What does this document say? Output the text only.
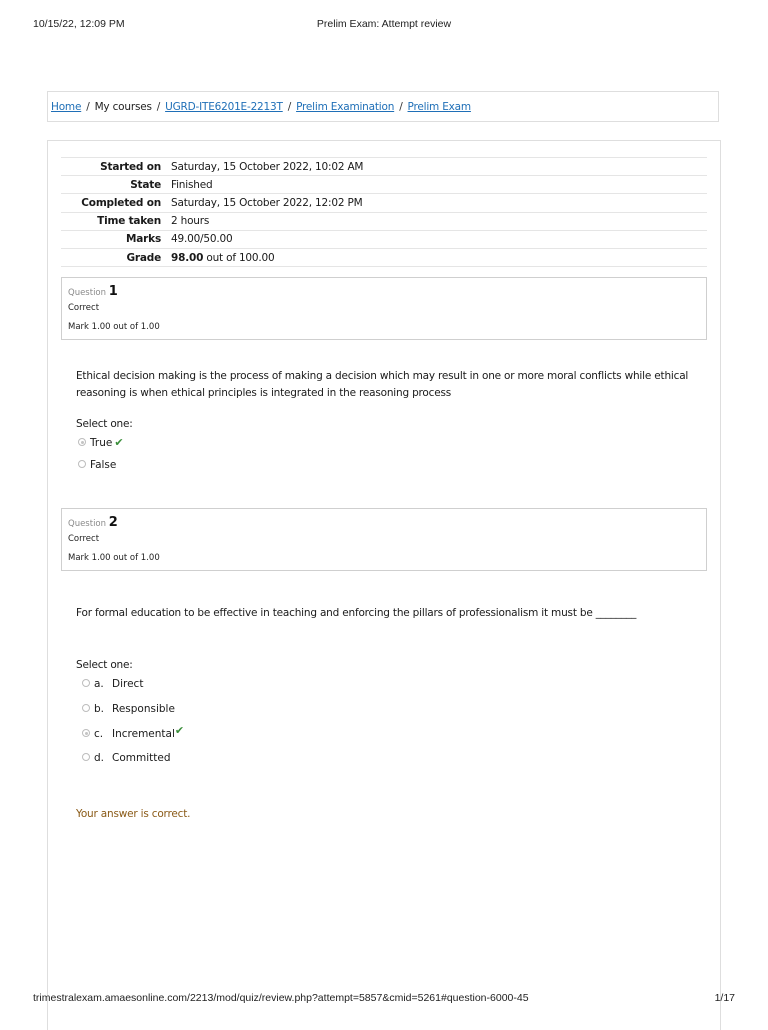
10/15/22, 12:09 PM	Prelim Exam: Attempt review
Home / My courses / UGRD-ITE6201E-2213T / Prelim Examination / Prelim Exam
Started on	Saturday, 15 October 2022, 10:02 AM
State	Finished
Completed on	Saturday, 15 October 2022, 12:02 PM
Time taken	2 hours
Marks	49.00/50.00
Grade	98.00 out of 100.00
Question 1
Correct
Mark 1.00 out of 1.00
Ethical decision making is the process of making a decision which may result in one or more moral conflicts while ethical reasoning is when ethical principles is integrated in the reasoning process
Select one:
True ✔
False
Question 2
Correct
Mark 1.00 out of 1.00
For formal education to be effective in teaching and enforcing the pillars of professionalism it must be ________
Select one:
a. Direct
b. Responsible
c. Incremental✔
d. Committed
Your answer is correct.
trimestralexam.amaesonline.com/2213/mod/quiz/review.php?attempt=5857&cmid=5261#question-6000-45	1/17
